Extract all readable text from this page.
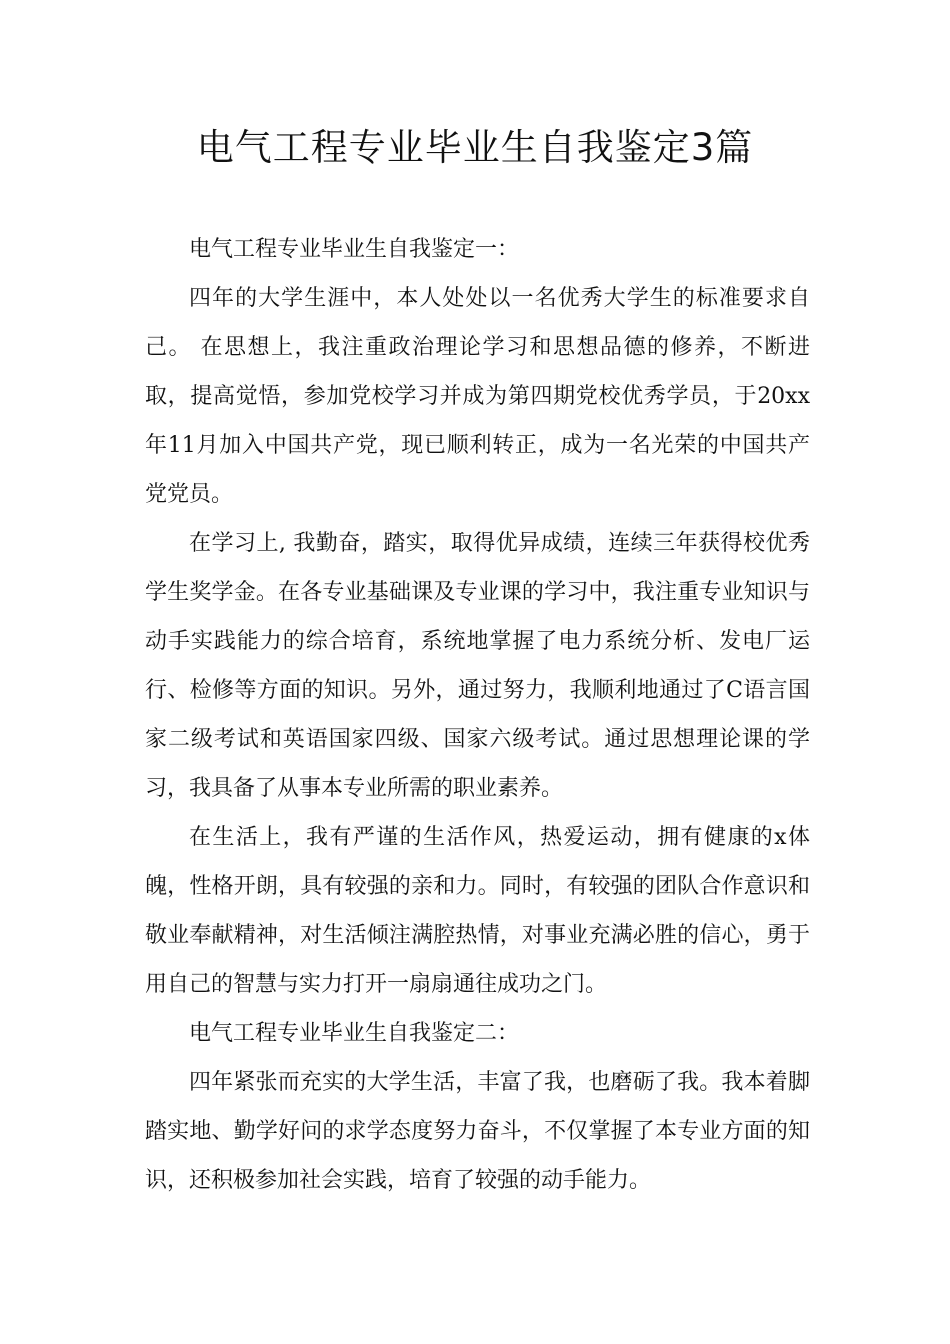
电气工程专业毕业生自我鉴定3篇

电气工程专业毕业生自我鉴定一：

四年的大学生涯中，本人处处以一名优秀大学生的标准要求自己。 在思想上，我注重政治理论学习和思想品德的修养，不断进取，提高觉悟，参加党校学习并成为第四期党校优秀学员，于20xx年11月加入中国共产党，现已顺利转正，成为一名光荣的中国共产党党员。

在学习上, 我勤奋，踏实，取得优异成绩，连续三年获得校优秀学生奖学金。在各专业基础课及专业课的学习中，我注重专业知识与动手实践能力的综合培育，系统地掌握了电力系统分析、发电厂运行、检修等方面的知识。另外，通过努力，我顺利地通过了C语言国家二级考试和英语国家四级、国家六级考试。通过思想理论课的学习，我具备了从事本专业所需的职业素养。

在生活上，我有严谨的生活作风，热爱运动，拥有健康的x体魄，性格开朗，具有较强的亲和力。同时，有较强的团队合作意识和敬业奉献精神，对生活倾注满腔热情，对事业充满必胜的信心，勇于用自己的智慧与实力打开一扇扇通往成功之门。

电气工程专业毕业生自我鉴定二：

四年紧张而充实的大学生活，丰富了我，也磨砺了我。我本着脚踏实地、勤学好问的求学态度努力奋斗，不仅掌握了本专业方面的知识，还积极参加社会实践，培育了较强的动手能力。
